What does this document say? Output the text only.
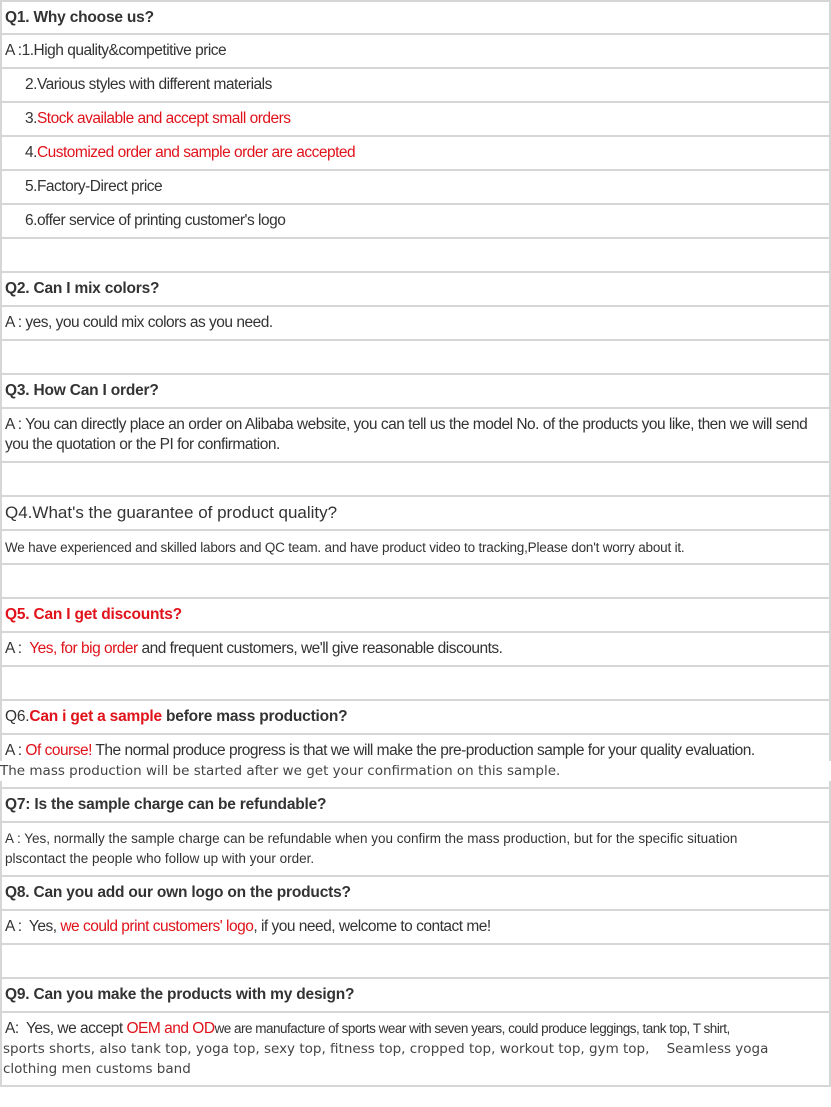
Q1. Why choose us?
A : 1. High quality&competitive price
2. Various styles with different materials
3. Stock available and accept small orders
4. Customized order and sample order are accepted
5. Factory-Direct price
6. offer service of printing customer's logo
Q2. Can I mix colors?
A : yes, you could mix colors as you need.
Q3. How Can I order?
A : You can directly place an order on Alibaba website, you can tell us the model No. of the products you like, then we will send you the quotation or the PI for confirmation.
Q4.What's the guarantee of product quality?
We have experienced and skilled labors and QC team. and have product video to tracking,Please don't worry about it.
Q5. Can I get discounts?
A : Yes, for big order and frequent customers, we'll give reasonable discounts.
Q6. Can i get a sample before mass production?
A : Of course! The normal produce progress is that we will make the pre-production sample for your quality evaluation.
The mass production will be started after we get your confirmation on this sample.
Q7: Is the sample charge can be refundable?
A : Yes, normally the sample charge can be refundable when you confirm the mass production, but for the specific situation plscontact the people who follow up with your order.
Q8. Can you add our own logo on the products?
A :  Yes, we could print customers' logo , if you need, welcome to contact me!
Q9. Can you make the products with my design?
A:  Yes, we accept OEM and ODwe are manufacture of sports wear with seven years, could produce leggings, tank top, T shirt,
sports shorts, also tank top, yoga top, sexy top, fitness top, cropped top, workout top, gym top,    Seamless yoga clothing men customs band
